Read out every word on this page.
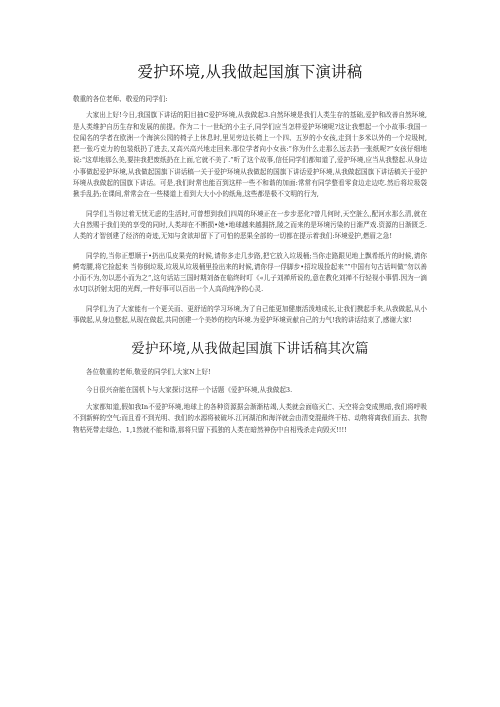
爱护环境,从我做起国旗下演讲稿

敬重的各位老师、敬爱的同学们:

大家出上好!今日,我国旗下讲话的阳目抽C爱护环境,从我做起3.自然环境是我们人类生存的基础,爱护和改善自然环境,是人类维护自历生存和发展的前提。作为二十一世纪的小主子,同学们应当怎样爱护环境呢?这让我想起一个小故事:我国一位闻名的学者在欧洲一个海滨公园的椅子上休息时,里见旁边长椅上一个四、五岁的小女孩,走到十多米以外的一个垃圾树,把一张巧克力的包装纸扔了进去,又高兴高兴地走回来.那位学者向小女孩:“你为什么走那么远去扔一张纸呢?”女孩仔细地说:“这草地那么美,要挂我把废纸扔在上面,它就不美了.”听了这个故事,信任同学们都知道了,爱护环境,应当从我整起.从身边小事做起爱护环境,从我做起国旗下讲话稿一关于爱护环境从我做起的国旗下讲话爱护环境,从我做起国旗下讲话稿关于爱护环境从我做起的国旗下讲话。可是,我们时常也能百到这样一些不和谐的加面:常常有同学整看零食边走边吃.然后将垃圾袋揪手乱扔;在课间,常常会在一些楼道上看到大大小小的纸角,这些都是极不文明的行为,

同学们,当你过着无忧无虑的生活时,可曾想到我们四周的环境正在一步步恶化?曾几何时,天空脏么,配河水那么清,就在大自然赐于我们美的享受的同时,人类却在不断损•她•地球越来越拥挤,陵之而来的是环境污染的日渐严戏.资源的日渐匮乏.人类的才智创建了经济的奇迹,无知与贪欲却留下了可怕的恶果全部的一切都在提示着我们:环境爱护,燃眉之急!

同学的,当你正想顺于•扔出瓜皮果壳的时候,请你多走几步路,把它放入垃圾桶;当你走路跟见地上飘希纸片的时候,请你鳄弯腰,将它捡起来 当你倒垃圾,垃圾从垃圾桶里捡出来的时候,请你俘一俘脚步•招垃圾捡起来“”中国有句古话叫做“勿以善小而不为,勿以恶小而为之”,这句话站三国时期刘备在临终时叮《«儿子刘禅所说的,意在教化刘禅不行轻视小事情.因为一滴水UJ以折射太阳的光辉,一件好事可以百出一个人高尚纯净的心灵.

同学们,为了大家能有一个更关而、更舒适的学习环境,为了自己能更加健康活泼地成长,让我们携起手来,从我做起,从小事做起,从身边整起,从现在做起,共同创建一个美妙的校内环境.为爱护环境贡献自己的力气!我的讲话结束了,感谢大家!

爱护环境,从我做起国旗下讲话稿其次篇

各位敬重的老师,敬爱的同学们,大家N上好!

今日很兴奋能在国机卜与大家探讨这样一个话题《爱护环境,从我做起3.

大家都知道,假如我In不爱护环境,地球上的各种资源据会渐渐枯竭,人类就会面临灭亡、天空将会变成黑暗,我们将呼吸不到新鲜的空气;而且看不到光明、我们的水源将被破坏.江河湖泊和海洋就会由清变混最终干枯、动物将离我们而去、抗物物枯死带走绿色、1,1然就不能和谐,那将只留下孤独的人类在暗然神伤中自相残杀走向毁灭!!!!
